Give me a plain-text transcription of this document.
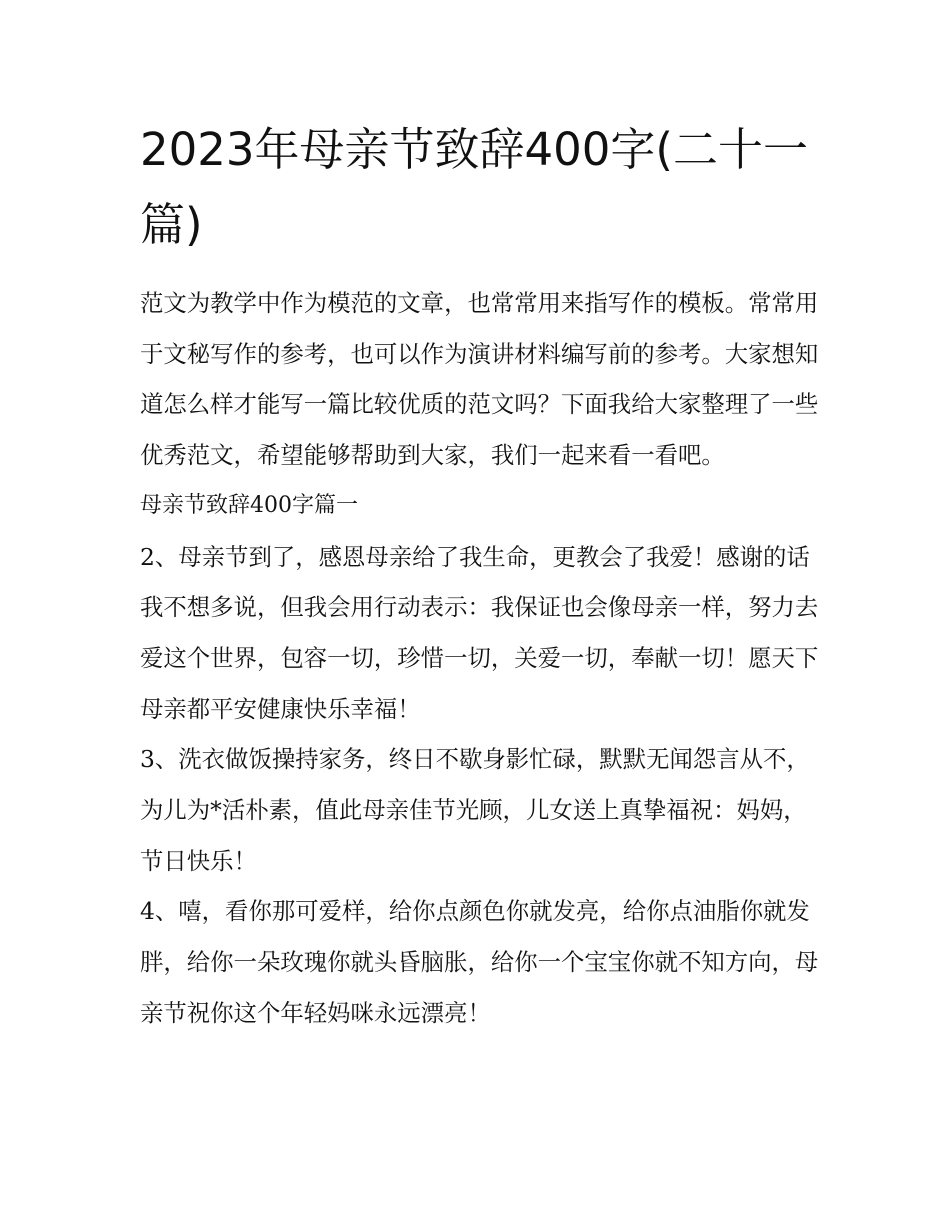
2023年母亲节致辞400字(二十一篇)

范文为教学中作为模范的文章，也常常用来指写作的模板。常常用于文秘写作的参考，也可以作为演讲材料编写前的参考。大家想知道怎么样才能写一篇比较优质的范文吗？下面我给大家整理了一些优秀范文，希望能够帮助到大家，我们一起来看一看吧。

母亲节致辞400字篇一

2、母亲节到了，感恩母亲给了我生命，更教会了我爱！感谢的话我不想多说，但我会用行动表示：我保证也会像母亲一样，努力去爱这个世界，包容一切，珍惜一切，关爱一切，奉献一切！愿天下母亲都平安健康快乐幸福！

3、洗衣做饭操持家务，终日不歇身影忙碌，默默无闻怨言从不，为儿为*活朴素，值此母亲佳节光顾，儿女送上真挚福祝：妈妈，节日快乐！

4、嘻，看你那可爱样，给你点颜色你就发亮，给你点油脂你就发胖，给你一朵玫瑰你就头昏脑胀，给你一个宝宝你就不知方向，母亲节祝你这个年轻妈咪永远漂亮！
